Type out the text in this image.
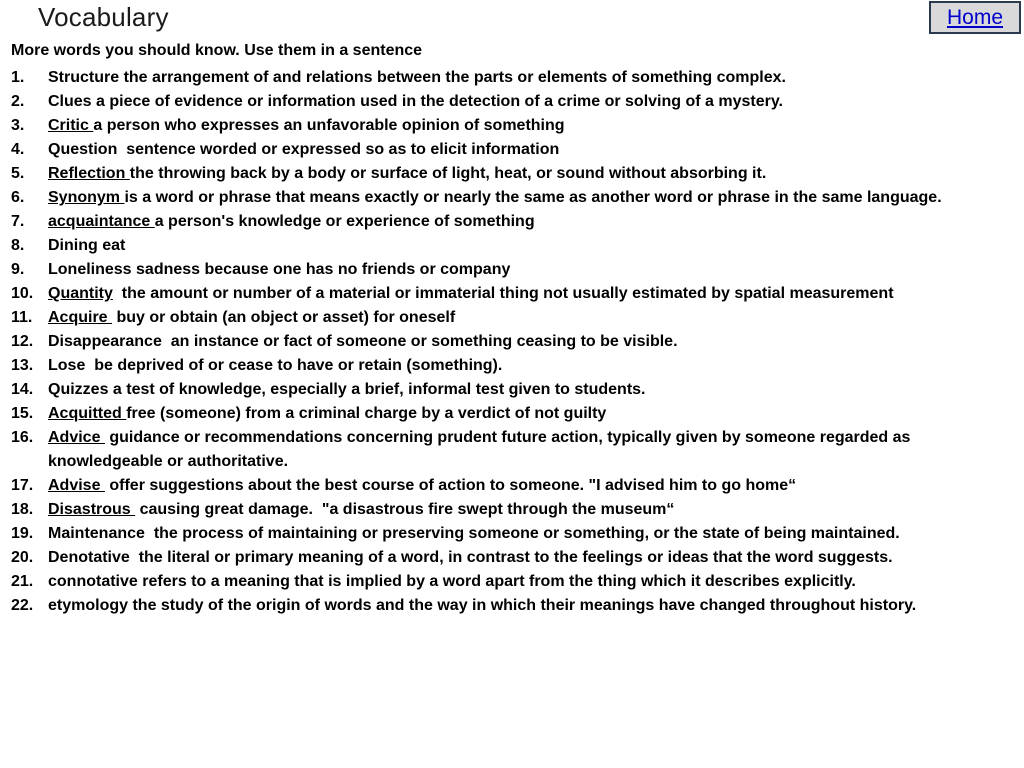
Vocabulary	Home
More words you should know. Use them in a sentence
1. Structure the arrangement of and relations between the parts or elements of something complex.
2. Clues a piece of evidence or information used in the detection of a crime or solving of a mystery.
3. Critic a person who expresses an unfavorable opinion of something
4. Question  sentence worded or expressed so as to elicit information
5. Reflection the throwing back by a body or surface of light, heat, or sound without absorbing it.
6. Synonym is a word or phrase that means exactly or nearly the same as another word or phrase in the same language.
7. acquaintance a person's knowledge or experience of something
8. Dining eat
9. Loneliness sadness because one has no friends or company
10. Quantity  the amount or number of a material or immaterial thing not usually estimated by spatial measurement
11. Acquire  buy or obtain (an object or asset) for oneself
12. Disappearance  an instance or fact of someone or something ceasing to be visible.
13. Lose  be deprived of or cease to have or retain (something).
14. Quizzes a test of knowledge, especially a brief, informal test given to students.
15. Acquitted free (someone) from a criminal charge by a verdict of not guilty
16. Advice  guidance or recommendations concerning prudent future action, typically given by someone regarded as knowledgeable or authoritative.
17. Advise  offer suggestions about the best course of action to someone. "I advised him to go home“
18. Disastrous  causing great damage.  "a disastrous fire swept through the museum“
19. Maintenance  the process of maintaining or preserving someone or something, or the state of being maintained.
20. Denotative  the literal or primary meaning of a word, in contrast to the feelings or ideas that the word suggests.
21. connotative refers to a meaning that is implied by a word apart from the thing which it describes explicitly.
22. etymology the study of the origin of words and the way in which their meanings have changed throughout history.
